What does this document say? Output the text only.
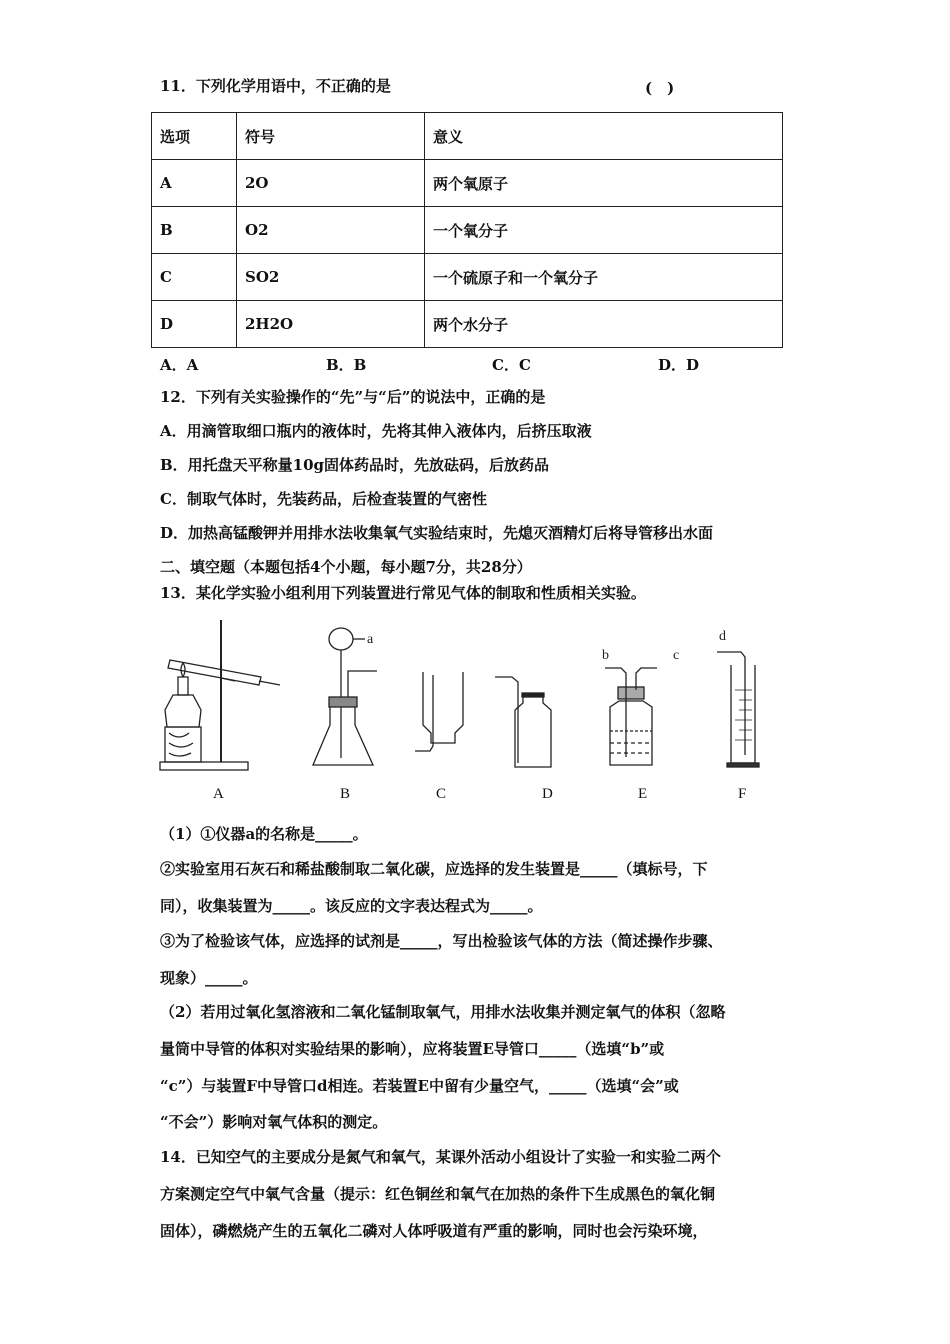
11．下列化学用语中，不正确的是	(　)
选项	符号	意义
A	2O	两个氧原子
B	O2	一个氧分子
C	SO2	一个硫原子和一个氧分子
D	2H2O	两个水分子
A．A	B．B	C．C	D．D
12．下列有关实验操作的“先”与“后”的说法中，正确的是
A．用滴管取细口瓶内的液体时，先将其伸入液体内，后挤压取液
B．用托盘天平称量10g固体药品时，先放砝码，后放药品
C．制取气体时，先装药品，后检查装置的气密性
D．加热高锰酸钾并用排水法收集氧气实验结束时，先熄灭酒精灯后将导管移出水面
二、填空题（本题包括4个小题，每小题7分，共28分）
13．某化学实验小组利用下列装置进行常见气体的制取和性质相关实验。
a
b	c
d
A	B	C	D	E	F
（1）①仪器a的名称是_____。
②实验室用石灰石和稀盐酸制取二氧化碳，应选择的发生装置是_____（填标号，下
同），收集装置为_____。该反应的文字表达程式为_____。
③为了检验该气体，应选择的试剂是_____，写出检验该气体的方法（简述操作步骤、
现象）_____。
（2）若用过氧化氢溶液和二氧化锰制取氧气，用排水法收集并测定氧气的体积（忽略
量筒中导管的体积对实验结果的影响），应将装置E导管口_____（选填“b”或
“c”）与装置F中导管口d相连。若装置E中留有少量空气，_____（选填“会”或
“不会”）影响对氧气体积的测定。
14．已知空气的主要成分是氮气和氧气，某课外活动小组设计了实验一和实验二两个
方案测定空气中氧气含量（提示：红色铜丝和氧气在加热的条件下生成黑色的氧化铜
固体），磷燃烧产生的五氧化二磷对人体呼吸道有严重的影响，同时也会污染环境，
